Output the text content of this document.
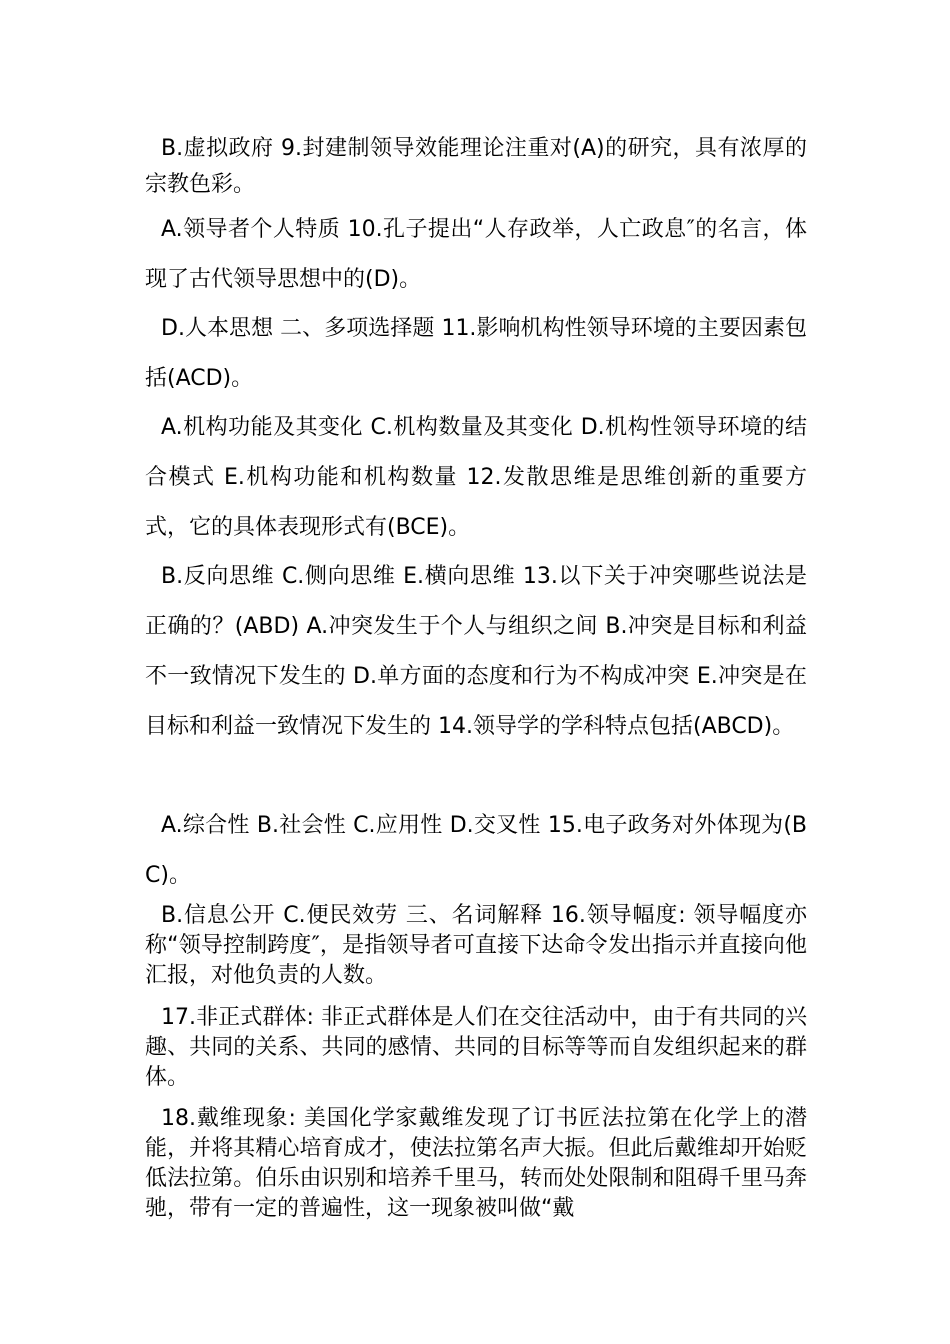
B.虚拟政府 9.封建制领导效能理论注重对(A)的研究，具有浓厚的宗教色彩。

A.领导者个人特质 10.孔子提出“人存政举，人亡政息″的名言，体现了古代领导思想中的(D)。

D.人本思想 二、多项选择题 11.影响机构性领导环境的主要因素包括(ACD)。

A.机构功能及其变化 C.机构数量及其变化 D.机构性领导环境的结合模式 E.机构功能和机构数量 12.发散思维是思维创新的重要方式，它的具体表现形式有(BCE)。

B.反向思维 C.侧向思维 E.横向思维 13.以下关于冲突哪些说法是正确的？(ABD) A.冲突发生于个人与组织之间 B.冲突是目标和利益不一致情况下发生的 D.单方面的态度和行为不构成冲突 E.冲突是在目标和利益一致情况下发生的 14.领导学的学科特点包括(ABCD)。

A.综合性 B.社会性 C.应用性 D.交叉性 15.电子政务对外体现为(BC)。

B.信息公开 C.便民效劳 三、名词解释 16.领导幅度: 领导幅度亦称“领导控制跨度″，是指领导者可直接下达命令发出指示并直接向他汇报，对他负责的人数。

17.非正式群体: 非正式群体是人们在交往活动中，由于有共同的兴趣、共同的关系、共同的感情、共同的目标等等而自发组织起来的群体。

18.戴维现象: 美国化学家戴维发现了订书匠法拉第在化学上的潜能，并将其精心培育成才，使法拉第名声大振。但此后戴维却开始贬低法拉第。伯乐由识别和培养千里马，转而处处限制和阻碍千里马奔驰，带有一定的普遍性，这一现象被叫做“戴
